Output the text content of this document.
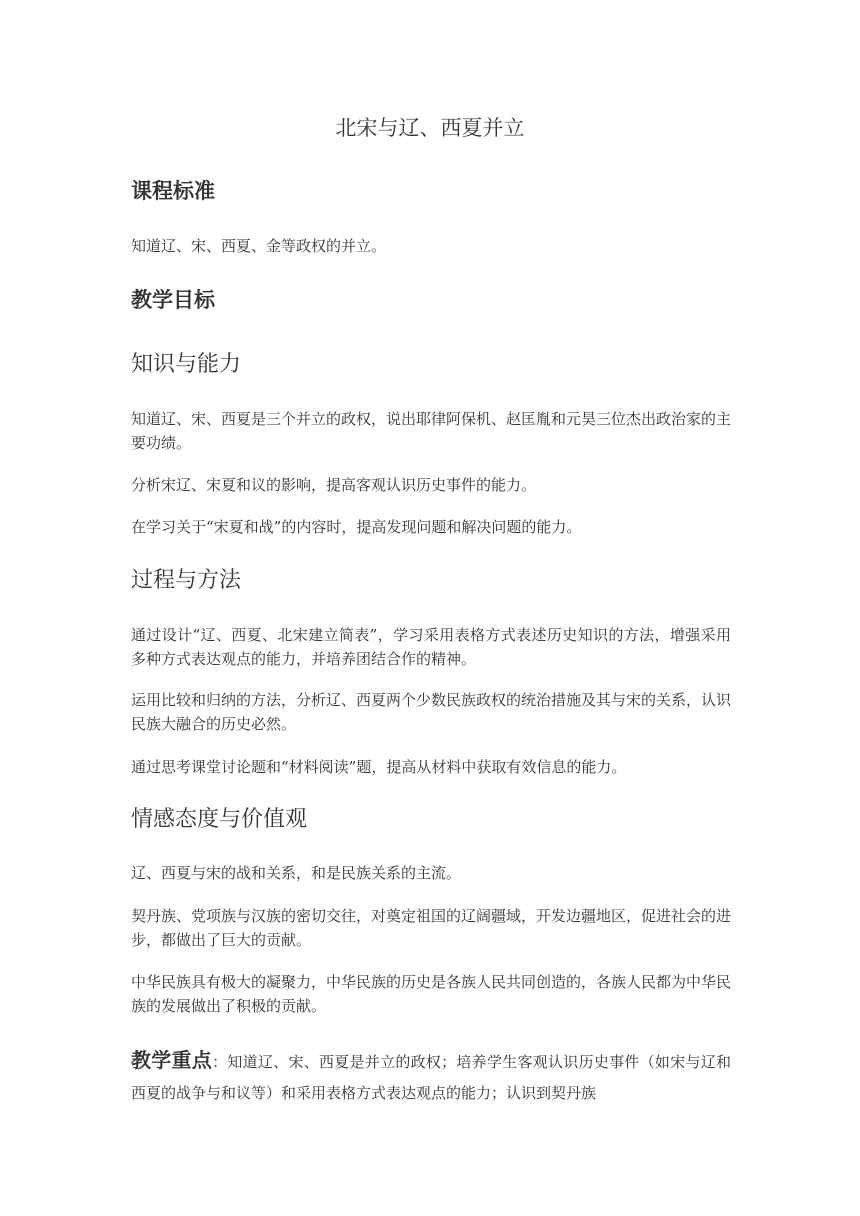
北宋与辽、西夏并立
课程标准

知道辽、宋、西夏、金等政权的并立。

教学目标
知识与能力

知道辽、宋、西夏是三个并立的政权，说出耶律阿保机、赵匡胤和元昊三位杰出政治家的主要功绩。

分析宋辽、宋夏和议的影响，提高客观认识历史事件的能力。

在学习关于“宋夏和战”的内容时，提高发现问题和解决问题的能力。

过程与方法

通过设计“辽、西夏、北宋建立简表”，学习采用表格方式表述历史知识的方法，增强采用多种方式表达观点的能力，并培养团结合作的精神。

运用比较和归纳的方法，分析辽、西夏两个少数民族政权的统治措施及其与宋的关系，认识民族大融合的历史必然。

通过思考课堂讨论题和“材料阅读”题，提高从材料中获取有效信息的能力。

情感态度与价值观

辽、西夏与宋的战和关系，和是民族关系的主流。

契丹族、党项族与汉族的密切交往，对奠定祖国的辽阔疆域，开发边疆地区，促进社会的进步，都做出了巨大的贡献。

中华民族具有极大的凝聚力，中华民族的历史是各族人民共同创造的，各族人民都为中华民族的发展做出了积极的贡献。

教学重点：知道辽、宋、西夏是并立的政权；培养学生客观认识历史事件（如宋与辽和西夏的战争与和议等）和采用表格方式表达观点的能力；认识到契丹族
